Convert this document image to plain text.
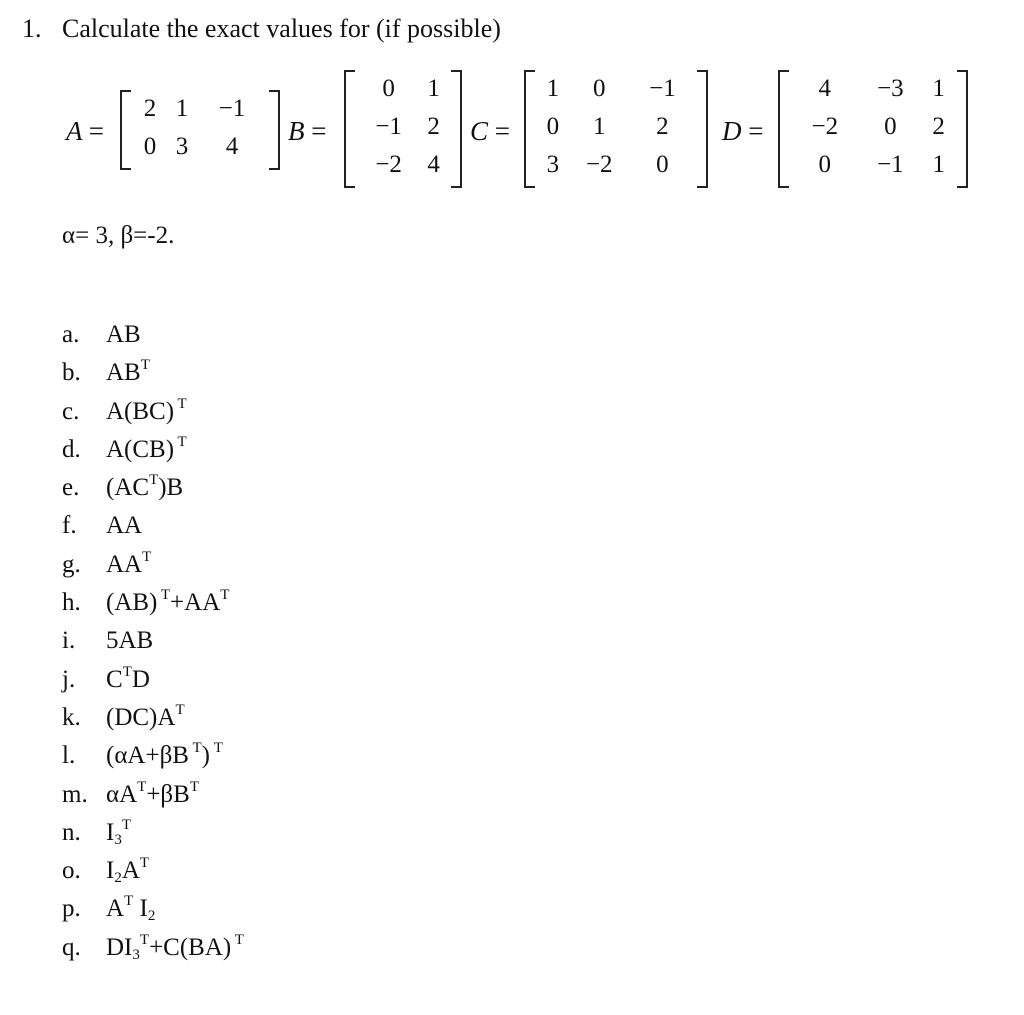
1. Calculate the exact values for (if possible)
A =
2	1	−1
0	3	4
B =
0	1
−1	2
−2	4
C =
1	0	−1
0	1	2
3	−2	0
D =
4	−3	1
−2	0	2
0	−1	1
α= 3, β=-2.
a. AB
b. $AB^T$
c. A(BC) $^T$
d. A(CB) $^T$
e. $(AC^T)B$
f. AA
g. $AA^T$
h. (AB) $^T+AA^T$
i. 5AB
j. $C^TD$
k. $(DC)A^T$
l. (αA+βB $^T$) $^T$
m. $\alpha A^T+\beta B^T$
n. $I_3^T$
o. $I_2A^T$
p. $A^T$ $I_2$
q. $DI_3^T+C(BA)$ $^T$
